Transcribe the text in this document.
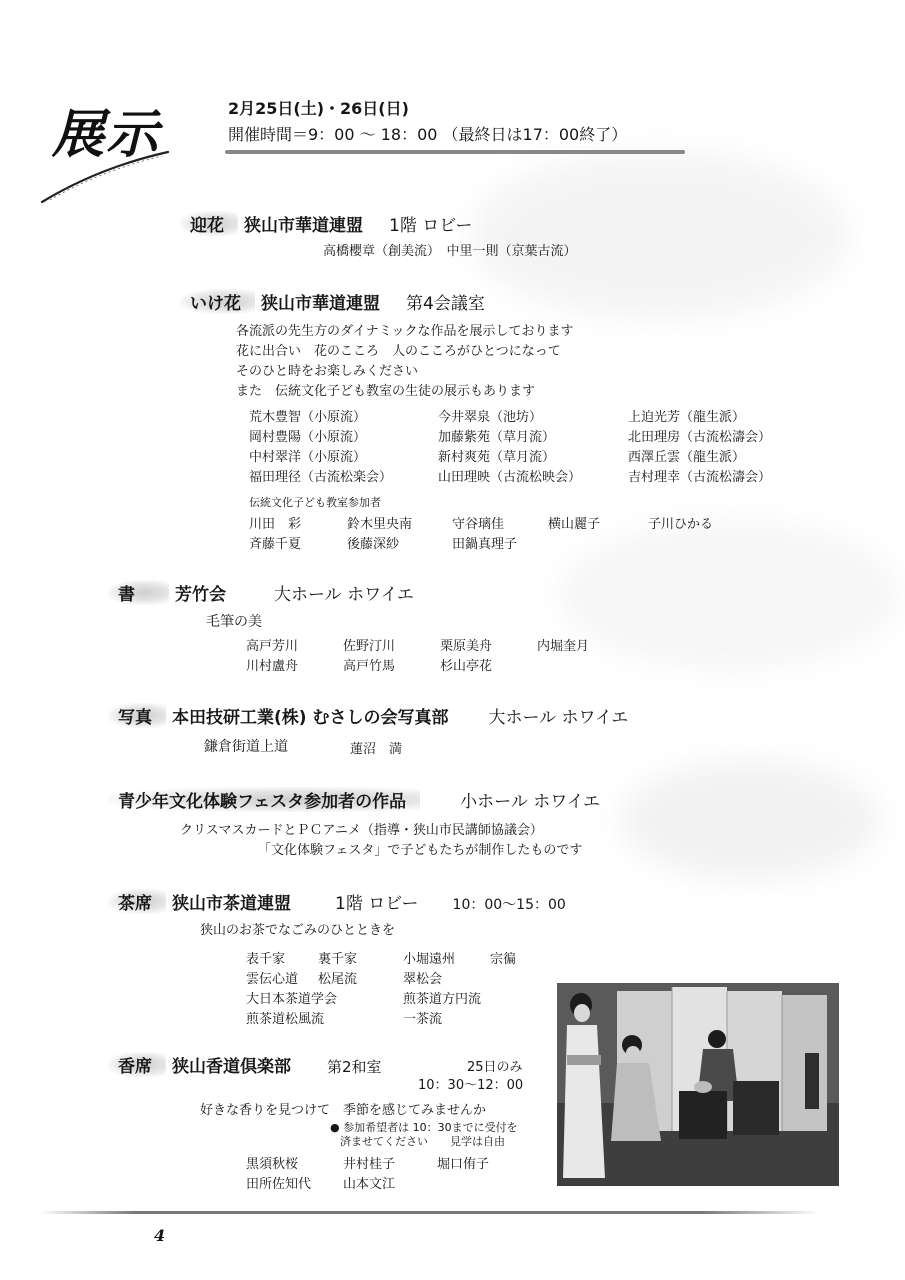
展示	2月25日(土)・26日(日)
開催時間＝9：00 〜 18：00 （最終日は17：00終了）
迎花 狭山市華道連盟 1階 ロビー
高橋櫻章（創美流）　中里一則（京葉古流）
いけ花 狭山市華道連盟 第4会議室
各流派の先生方のダイナミックな作品を展示しております
花に出合い　花のこころ　人のこころがひとつになって
そのひと時をお楽しみください
また　伝統文化子ども教室の生徒の展示もあります
荒木豊智（小原流）	今井翠泉（池坊）	上迫光芳（龍生派）
岡村豊陽（小原流）	加藤紫苑（草月流）	北田理房（古流松濤会）
中村翠洋（小原流）	新村爽苑（草月流）	西澤丘雲（龍生派）
福田理径（古流松楽会）	山田理映（古流松映会）	吉村理幸（古流松濤会）
伝統文化子ども教室参加者
川田　彩	鈴木里央南	守谷璃佳	横山麗子	子川ひかる
斉藤千夏	後藤深紗	田鍋真理子
書 芳竹会	大ホール ホワイエ
毛筆の美
高戸芳川	佐野汀川	栗原美舟	内堀奎月
川村盧舟	高戸竹馬	杉山亭花
写真 本田技研工業(株) むさしの会写真部 大ホール ホワイエ
鎌倉街道上道	蓮沼　満
青少年文化体験フェスタ参加者の作品	小ホール ホワイエ
クリスマスカードとＰＣアニメ（指導・狭山市民講師協議会）
「文化体験フェスタ」で子どもたちが制作したものです
茶席 狭山市茶道連盟	1階 ロビー 10：00〜15：00
狭山のお茶でなごみのひとときを
表千家	裏千家	小堀遠州	宗徧
雲伝心道 松尾流	翠松会
大日本茶道学会	煎茶道方円流
煎茶道松風流	一茶流
香席 狭山香道倶楽部 第2和室	25日のみ
10：30〜12：00
好きな香りを見つけて　季節を感じてみませんか
● 参加希望者は 10：30までに受付を
済ませてください　　見学は自由
黒須秋桜	井村桂子	堀口侑子
田所佐知代 山本文江
4
